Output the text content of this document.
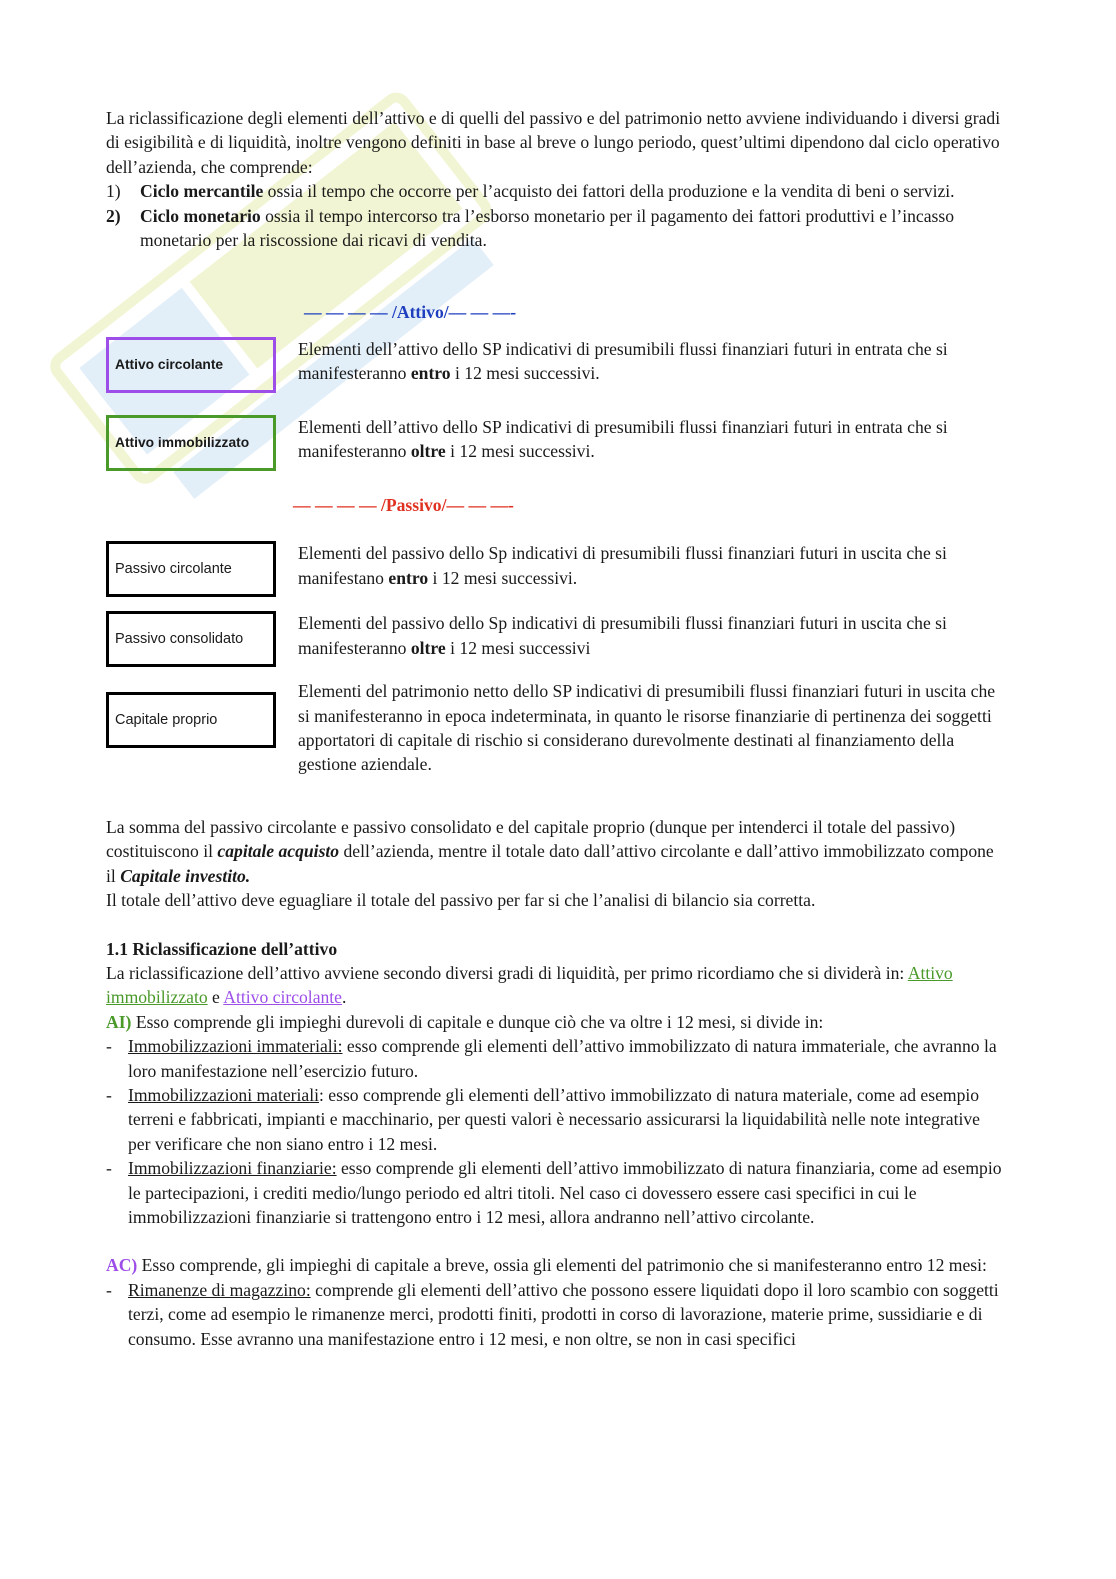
La riclassificazione degli elementi dell’attivo e di quelli del passivo e del patrimonio netto avviene individuando i diversi gradi di esigibilità e di liquidità, inoltre vengono definiti in base al breve o lungo periodo, quest’ultimi dipendono dal ciclo operativo dell’azienda, che comprende:

1) Ciclo mercantile ossia il tempo che occorre per l’acquisto dei fattori della produzione e la vendita di beni o servizi.
2) Ciclo monetario ossia il tempo intercorso tra l’esborso monetario per il pagamento dei fattori produttivi e l’incasso monetario per la riscossione dai ricavi di vendita.

— — — — /Attivo/— — —-

Attivo circolante

Elementi dell’attivo dello SP indicativi di presumibili flussi finanziari futuri in entrata che si manifesteranno entro i 12 mesi successivi.

Attivo immobilizzato

Elementi dell’attivo dello SP indicativi di presumibili flussi finanziari futuri in entrata che si manifesteranno oltre i 12 mesi successivi.

— — — — /Passivo/— — —-

Passivo circolante

Elementi del passivo dello Sp indicativi di presumibili flussi finanziari futuri in uscita che si manifestano entro i 12 mesi successivi.

Passivo consolidato

Elementi del passivo dello Sp indicativi di presumibili flussi finanziari futuri in uscita che si manifesteranno oltre i 12 mesi successivi

Capitale proprio

Elementi del patrimonio netto dello SP indicativi di presumibili flussi finanziari futuri in uscita che si manifesteranno in epoca indeterminata, in quanto le risorse finanziarie di pertinenza dei soggetti apportatori di capitale di rischio si considerano durevolmente destinati al finanziamento della gestione aziendale.

La somma del passivo circolante e passivo consolidato e del capitale proprio (dunque per intenderci il totale del passivo) costituiscono il capitale acquisto dell’azienda, mentre il totale dato dall’attivo circolante e dall’attivo immobilizzato compone il Capitale investito.

Il totale dell’attivo deve eguagliare il totale del passivo per far si che l’analisi di bilancio sia corretta.

1.1 Riclassificazione dell’attivo

La riclassificazione dell’attivo avviene secondo diversi gradi di liquidità, per primo ricordiamo che si dividerà in: Attivo immobilizzato e Attivo circolante.

AI) Esso comprende gli impieghi durevoli di capitale e dunque ciò che va oltre i 12 mesi, si divide in:

- Immobilizzazioni immateriali: esso comprende gli elementi dell’attivo immobilizzato di natura immateriale, che avranno la loro manifestazione nell’esercizio futuro.
- Immobilizzazioni materiali: esso comprende gli elementi dell’attivo immobilizzato di natura materiale, come ad esempio terreni e fabbricati, impianti e macchinario, per questi valori è necessario assicurarsi la liquidabilità nelle note integrative per verificare che non siano entro i 12 mesi.
- Immobilizzazioni finanziarie: esso comprende gli elementi dell’attivo immobilizzato di natura finanziaria, come ad esempio le partecipazioni, i crediti medio/lungo periodo ed altri titoli. Nel caso ci dovessero essere casi specifici in cui le immobilizzazioni finanziarie si trattengono entro i 12 mesi, allora andranno nell’attivo circolante.

AC) Esso comprende, gli impieghi di capitale a breve, ossia gli elementi del patrimonio che si manifesteranno entro 12 mesi:

- Rimanenze di magazzino: comprende gli elementi dell’attivo che possono essere liquidati dopo il loro scambio con soggetti terzi, come ad esempio le rimanenze merci, prodotti finiti, prodotti in corso di lavorazione, materie prime, sussidiarie e di consumo. Esse avranno una manifestazione entro i 12 mesi, e non oltre, se non in casi specifici
